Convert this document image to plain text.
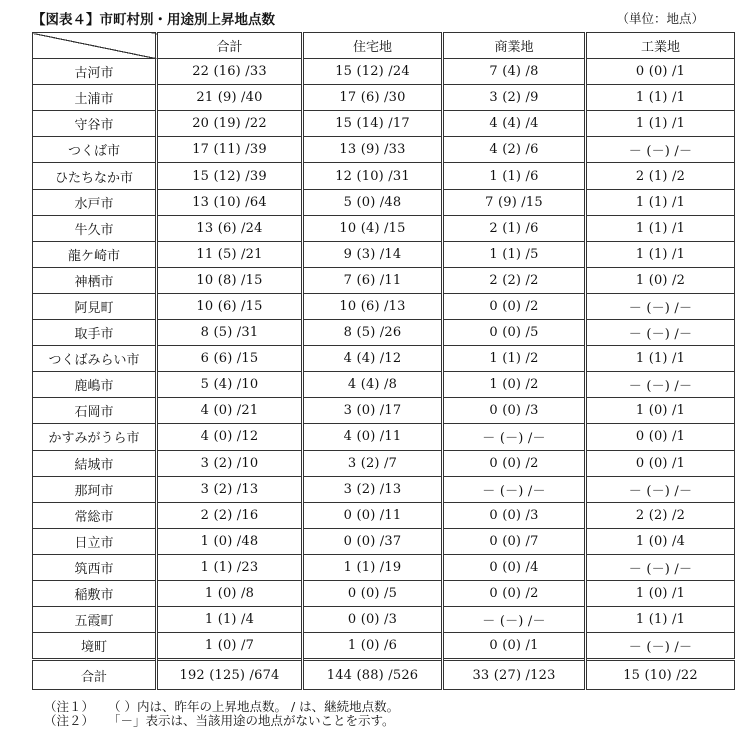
【図表４】市町村別・用途別上昇地点数	（単位：地点）
	合計	住宅地	商業地	工業地
古河市	22 (16) /33	15 (12) /24	7 (4) /8	0 (0) /1
土浦市	21 (9) /40	17 (6) /30	3 (2) /9	1 (1) /1
守谷市	20 (19) /22	15 (14) /17	4 (4) /4	1 (1) /1
つくば市	17 (11) /39	13 (9) /33	4 (2) /6	－ (－) /－
ひたちなか市	15 (12) /39	12 (10) /31	1 (1) /6	2 (1) /2
水戸市	13 (10) /64	5 (0) /48	7 (9) /15	1 (1) /1
牛久市	13 (6) /24	10 (4) /15	2 (1) /6	1 (1) /1
龍ケ崎市	11 (5) /21	9 (3) /14	1 (1) /5	1 (1) /1
神栖市	10 (8) /15	7 (6) /11	2 (2) /2	1 (0) /2
阿見町	10 (6) /15	10 (6) /13	0 (0) /2	－ (－) /－
取手市	8 (5) /31	8 (5) /26	0 (0) /5	－ (－) /－
つくばみらい市	6 (6) /15	4 (4) /12	1 (1) /2	1 (1) /1
鹿嶋市	5 (4) /10	4 (4) /8	1 (0) /2	－ (－) /－
石岡市	4 (0) /21	3 (0) /17	0 (0) /3	1 (0) /1
かすみがうら市	4 (0) /12	4 (0) /11	－ (－) /－	0 (0) /1
結城市	3 (2) /10	3 (2) /7	0 (0) /2	0 (0) /1
那珂市	3 (2) /13	3 (2) /13	－ (－) /－	－ (－) /－
常総市	2 (2) /16	0 (0) /11	0 (0) /3	2 (2) /2
日立市	1 (0) /48	0 (0) /37	0 (0) /7	1 (0) /4
筑西市	1 (1) /23	1 (1) /19	0 (0) /4	－ (－) /－
稲敷市	1 (0) /8	0 (0) /5	0 (0) /2	1 (0) /1
五霞町	1 (1) /4	0 (0) /3	－ (－) /－	1 (1) /1
境町	1 (0) /7	1 (0) /6	0 (0) /1	－ (－) /－
合計	192 (125) /674	144 (88) /526	33 (27) /123	15 (10) /22
（注１） （ ）内は、昨年の上昇地点数。 / は、継続地点数。
（注２） 「－」表示は、当該用途の地点がないことを示す。
